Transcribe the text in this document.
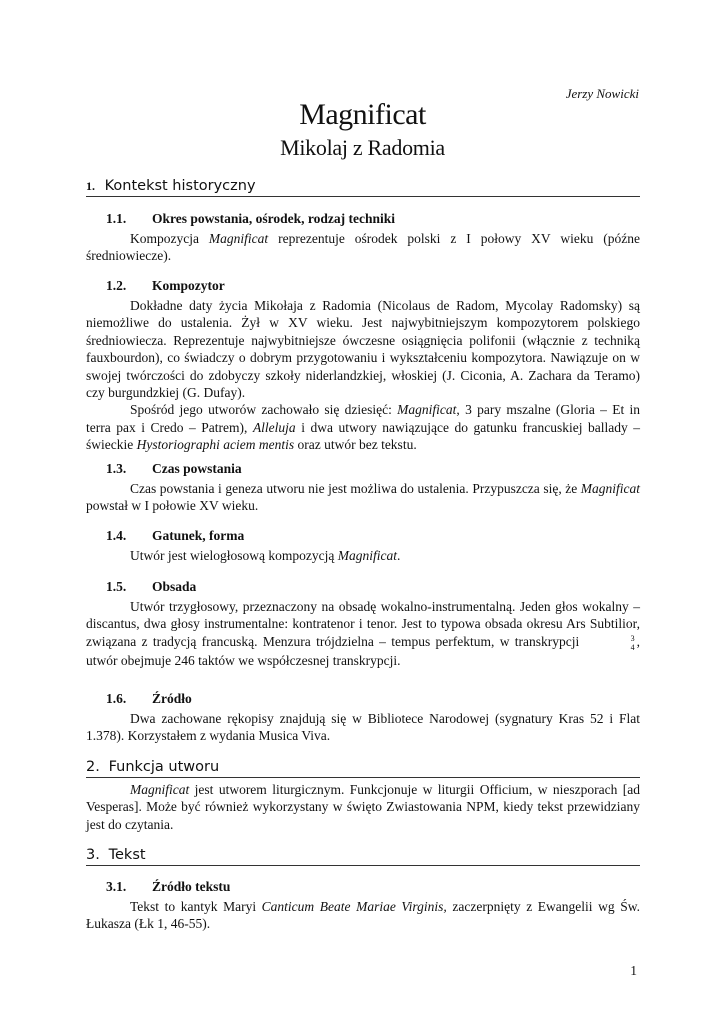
Jerzy Nowicki
Magnificat
Mikolaj z Radomia
1. Kontekst historyczny
1.1. Okres powstania, ośrodek, rodzaj techniki

Kompozycja Magnificat reprezentuje ośrodek polski z I połowy XV wieku (późne średniowiecze).

1.2. Kompozytor

Dokładne daty życia Mikołaja z Radomia (Nicolaus de Radom, Mycolay Radomsky) są niemożliwe do ustalenia. Żył w XV wieku. Jest najwybitniejszym kompozytorem polskiego średniowiecza. Reprezentuje najwybitniejsze ówczesne osiągnięcia polifonii (włącznie z techniką fauxbourdon), co świadczy o dobrym przygotowaniu i wykształceniu kompozytora. Nawiązuje on w swojej twórczości do zdobyczy szkoły niderlandzkiej, włoskiej (J. Ciconia, A. Zachara da Teramo) czy burgundzkiej (G. Dufay).

Spośród jego utworów zachowało się dziesięć: Magnificat, 3 pary mszalne (Gloria – Et in terra pax i Credo – Patrem), Alleluja i dwa utwory nawiązujące do gatunku francuskiej ballady – świeckie Hystoriographi aciem mentis oraz utwór bez tekstu.

1.3. Czas powstania

Czas powstania i geneza utworu nie jest możliwa do ustalenia. Przypuszcza się, że Magnificat powstał w I połowie XV wieku.

1.4. Gatunek, forma

Utwór jest wielogłosową kompozycją Magnificat.

1.5. Obsada

Utwór trzygłosowy, przeznaczony na obsadę wokalno-instrumentalną. Jeden głos wokalny – discantus, dwa głosy instrumentalne: kontratenor i tenor. Jest to typowa obsada okresu Ars Subtilior, związana z tradycją francuską. Menzura trójdzielna – tempus perfektum, w transkrypcji	3
4 , utwór obejmuje 246 taktów we współczesnej transkrypcji.

1.6. Źródło

Dwa zachowane rękopisy znajdują się w Bibliotece Narodowej (sygnatury Kras 52 i Flat 1.378). Korzystałem z wydania Musica Viva.

2. Funkcja utworu

Magnificat jest utworem liturgicznym. Funkcjonuje w liturgii Officium, w nieszporach [ad Vesperas]. Może być również wykorzystany w święto Zwiastowania NPM, kiedy tekst przewidziany jest do czytania.

3. Tekst
3.1. Źródło tekstu

Tekst to kantyk Maryi Canticum Beate Mariae Virginis, zaczerpnięty z Ewangelii wg Św. Łukasza (Łk 1, 46-55).

1
